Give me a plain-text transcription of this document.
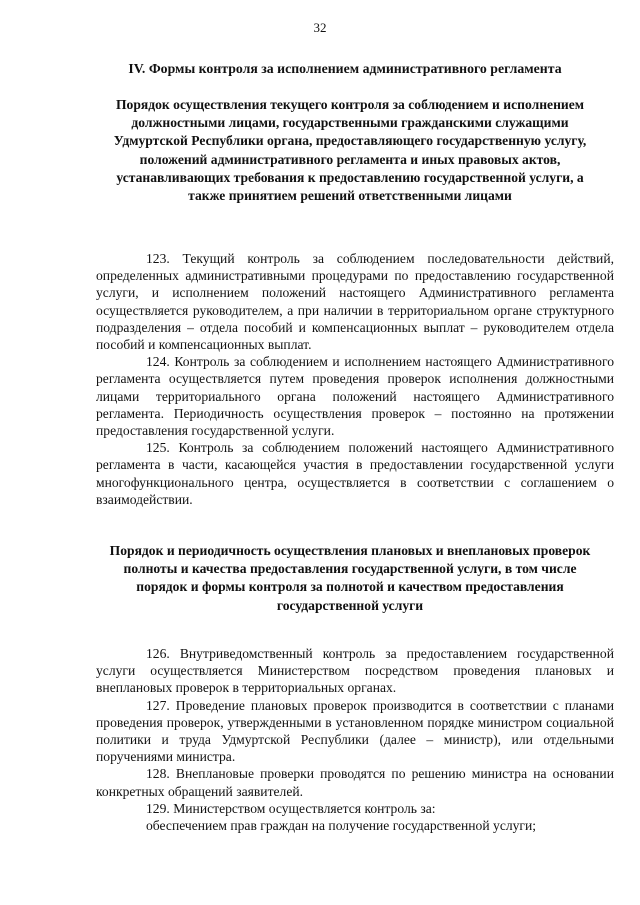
32
IV. Формы контроля за исполнением административного регламента
Порядок осуществления текущего контроля за соблюдением и исполнением должностными лицами, государственными гражданскими служащими Удмуртской Республики органа, предоставляющего государственную услугу, положений административного регламента и иных правовых актов, устанавливающих требования к предоставлению государственной услуги, а также принятием решений ответственными лицами

123. Текущий контроль за соблюдением последовательности действий, определенных административными процедурами по предоставлению государственной услуги, и исполнением положений настоящего Административного регламента осуществляется руководителем, а при наличии в территориальном органе структурного подразделения – отдела пособий и компенсационных выплат – руководителем отдела пособий и компенсационных выплат.

124. Контроль за соблюдением и исполнением настоящего Административного регламента осуществляется путем проведения проверок исполнения должностными лицами территориального органа положений настоящего Административного регламента. Периодичность осуществления проверок – постоянно на протяжении предоставления государственной услуги.

125. Контроль за соблюдением положений настоящего Административного регламента в части, касающейся участия в предоставлении государственной услуги многофункционального центра, осуществляется в соответствии с соглашением о взаимодействии.

Порядок и периодичность осуществления плановых и внеплановых проверок полноты и качества предоставления государственной услуги, в том числе порядок и формы контроля за полнотой и качеством предоставления государственной услуги

126. Внутриведомственный контроль за предоставлением государственной услуги осуществляется Министерством посредством проведения плановых и внеплановых проверок в территориальных органах.

127. Проведение плановых проверок производится в соответствии с планами проведения проверок, утвержденными в установленном порядке министром социальной политики и труда Удмуртской Республики (далее – министр), или отдельными поручениями министра.

128. Внеплановые проверки проводятся по решению министра на основании конкретных обращений заявителей.

129. Министерством осуществляется контроль за:

обеспечением прав граждан на получение государственной услуги;
